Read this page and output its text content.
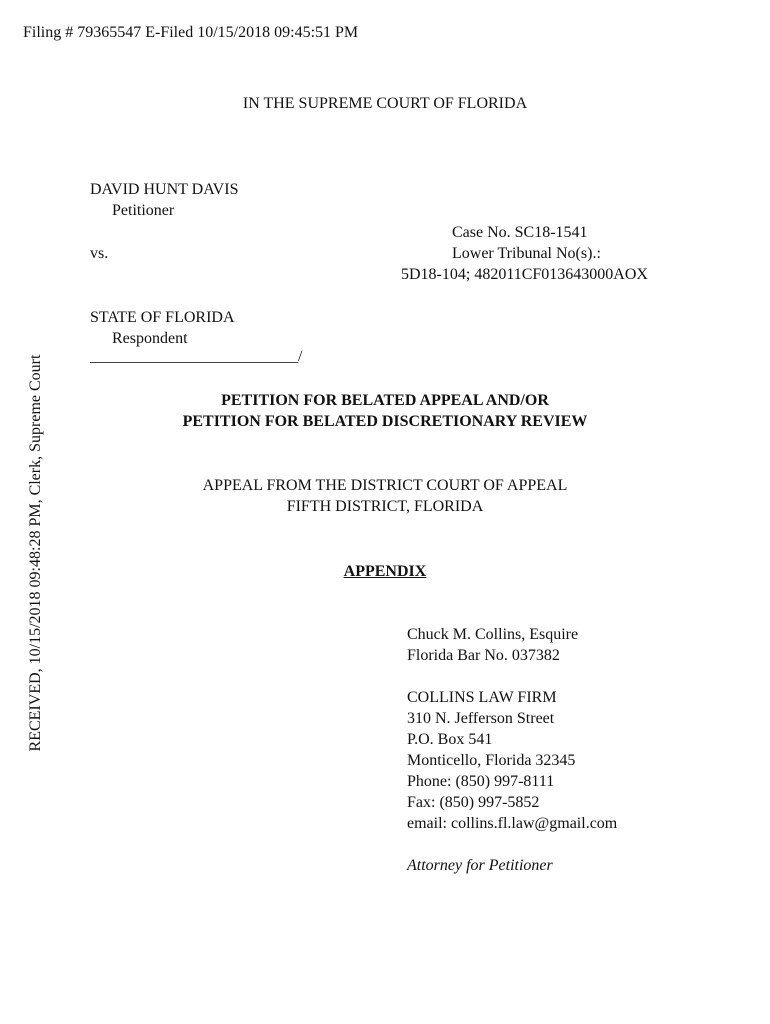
Filing # 79365547 E-Filed 10/15/2018 09:45:51 PM
RECEIVED, 10/15/2018 09:48:28 PM, Clerk, Supreme Court
IN THE SUPREME COURT OF FLORIDA
DAVID HUNT DAVIS
Petitioner
vs.
Case No. SC18-1541
Lower Tribunal No(s).:
5D18-104; 482011CF013643000AOX
STATE OF FLORIDA
Respondent
__________________________/
PETITION FOR BELATED APPEAL AND/OR
PETITION FOR BELATED DISCRETIONARY REVIEW
APPEAL FROM THE DISTRICT COURT OF APPEAL
FIFTH DISTRICT, FLORIDA
APPENDIX
Chuck M. Collins, Esquire
Florida Bar No. 037382
COLLINS LAW FIRM
310 N. Jefferson Street
P.O. Box 541
Monticello, Florida 32345
Phone: (850) 997-8111
Fax: (850) 997-5852
email: collins.fl.law@gmail.com
Attorney for Petitioner
